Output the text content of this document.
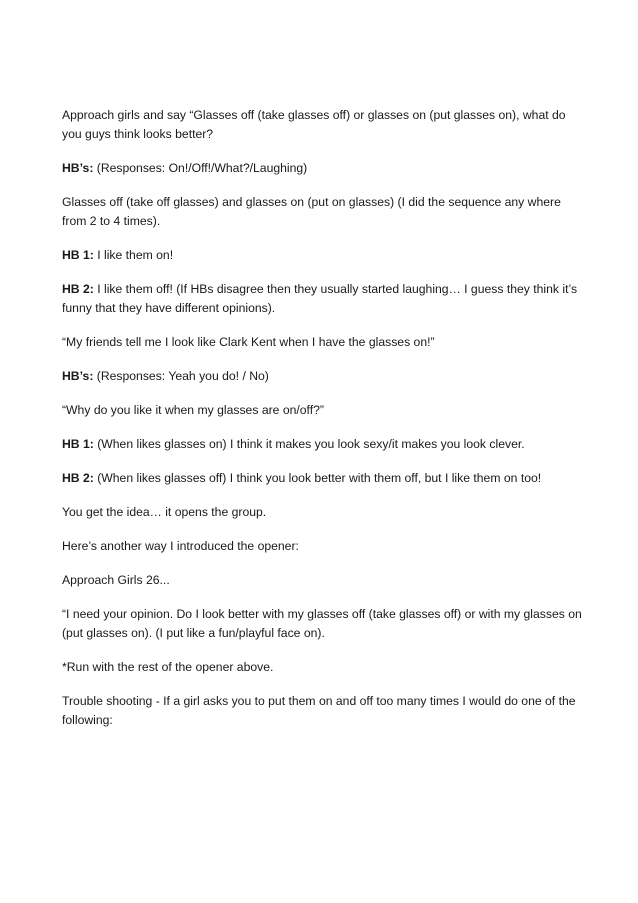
Approach girls and say “Glasses off (take glasses off) or glasses on (put glasses on), what do you guys think looks better?

HB’s: (Responses: On!/Off!/What?/Laughing)

Glasses off (take off glasses) and glasses on (put on glasses) (I did the sequence any where from 2 to 4 times).

HB 1: I like them on!

HB 2: I like them off! (If HBs disagree then they usually started laughing… I guess they think it’s funny that they have different opinions).

“My friends tell me I look like Clark Kent when I have the glasses on!”

HB’s: (Responses: Yeah you do! / No)

“Why do you like it when my glasses are on/off?”

HB 1: (When likes glasses on) I think it makes you look sexy/it makes you look clever.

HB 2: (When likes glasses off) I think you look better with them off, but I like them on too!

You get the idea… it opens the group.

Here’s another way I introduced the opener:

Approach Girls 26...

“I need your opinion. Do I look better with my glasses off (take glasses off) or with my glasses on (put glasses on). (I put like a fun/playful face on).

*Run with the rest of the opener above.

Trouble shooting - If a girl asks you to put them on and off too many times I would do one of the following:
